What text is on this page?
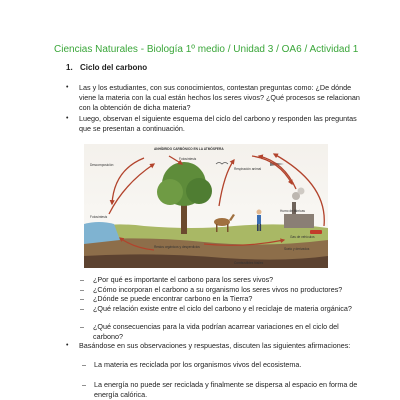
Ciencias Naturales - Biología 1º medio / Unidad 3 / OA6 / Actividad 1
1. Ciclo del carbono
• Las y los estudiantes, con sus conocimientos, contestan preguntas como: ¿De dónde viene la materia con la cual están hechos los seres vivos? ¿Qué procesos se relacionan con la obtención de dicha materia?
• Luego, observan el siguiente esquema del ciclo del carbono y responden las preguntas que se presentan a continuación.
ANHÍDRIDO CARBÓNICO EN LA ATMÓSFERA
Descomposición
Fotosíntesis
Respiración animal
Fotosíntesis
Humo de fábricas
Gas de vehículos
Restos orgánicos y desperdicios
Combustibles fósiles
Suelo y derivados
– ¿Por qué es importante el carbono para los seres vivos?
– ¿Cómo incorporan el carbono a su organismo los seres vivos no productores?
– ¿Dónde se puede encontrar carbono en la Tierra?
– ¿Qué relación existe entre el ciclo del carbono y el reciclaje de materia orgánica?
– ¿Qué consecuencias para la vida podrían acarrear variaciones en el ciclo del carbono?
• Basándose en sus observaciones y respuestas, discuten las siguientes afirmaciones:
– La materia es reciclada por los organismos vivos del ecosistema.
– La energía no puede ser reciclada y finalmente se dispersa al espacio en forma de energía calórica.
